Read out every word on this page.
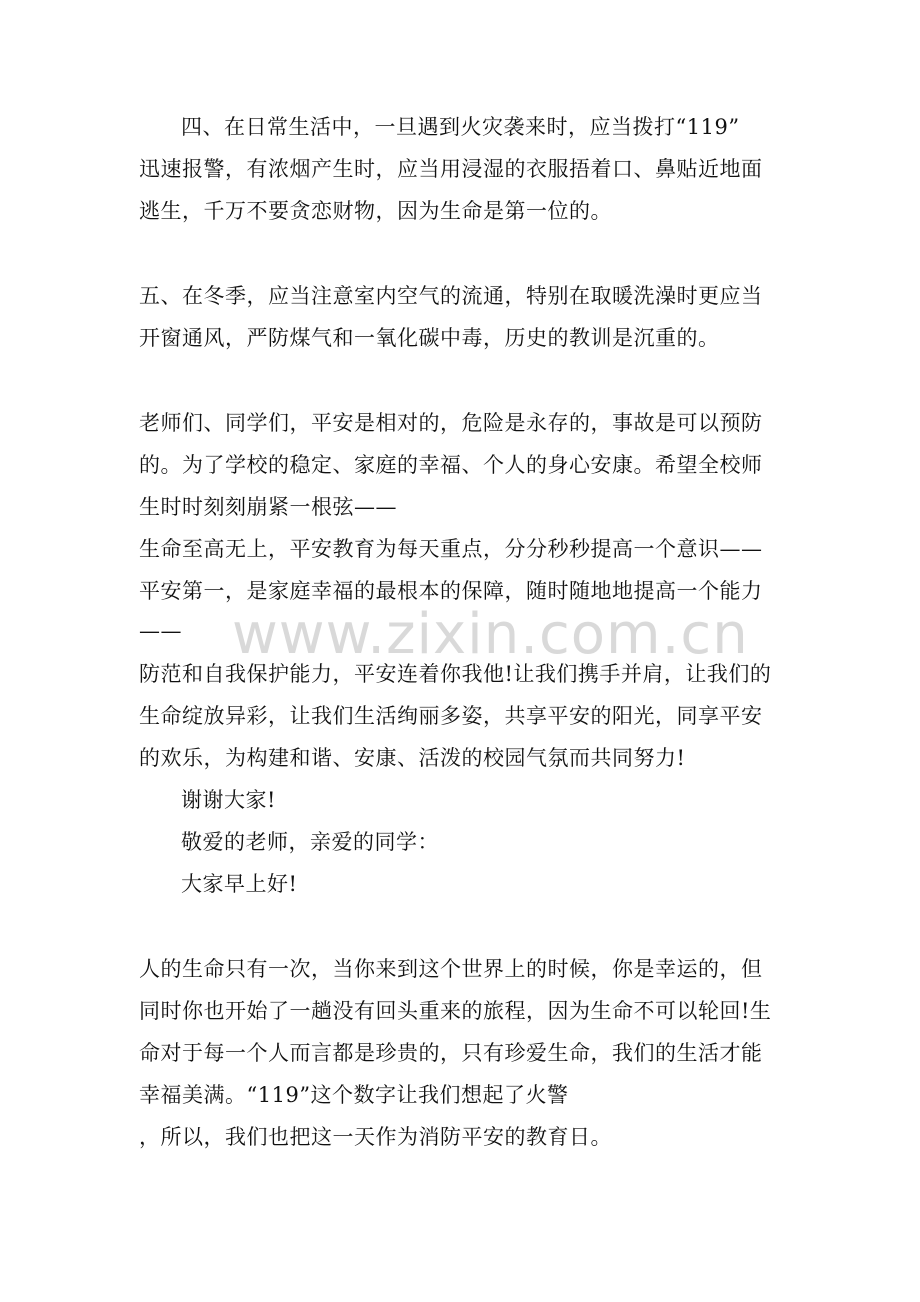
www.zixin.com.cn
四、在日常生活中，一旦遇到火灾袭来时，应当拨打“119”
迅速报警，有浓烟产生时，应当用浸湿的衣服捂着口、鼻贴近地面
逃生，千万不要贪恋财物，因为生命是第一位的。
五、在冬季，应当注意室内空气的流通，特别在取暖洗澡时更应当
开窗通风，严防煤气和一氧化碳中毒，历史的教训是沉重的。
老师们、同学们，平安是相对的，危险是永存的，事故是可以预防
的。为了学校的稳定、家庭的幸福、个人的身心安康。希望全校师
生时时刻刻崩紧一根弦——
生命至高无上，平安教育为每天重点，分分秒秒提高一个意识——
平安第一，是家庭幸福的最根本的保障，随时随地地提高一个能力
——
防范和自我保护能力，平安连着你我他!让我们携手并肩，让我们的
生命绽放异彩，让我们生活绚丽多姿，共享平安的阳光，同享平安
的欢乐，为构建和谐、安康、活泼的校园气氛而共同努力!
谢谢大家!
敬爱的老师，亲爱的同学：
大家早上好!
人的生命只有一次，当你来到这个世界上的时候，你是幸运的，但
同时你也开始了一趟没有回头重来的旅程，因为生命不可以轮回!生
命对于每一个人而言都是珍贵的，只有珍爱生命，我们的生活才能
幸福美满。“119”这个数字让我们想起了火警
，所以，我们也把这一天作为消防平安的教育日。
